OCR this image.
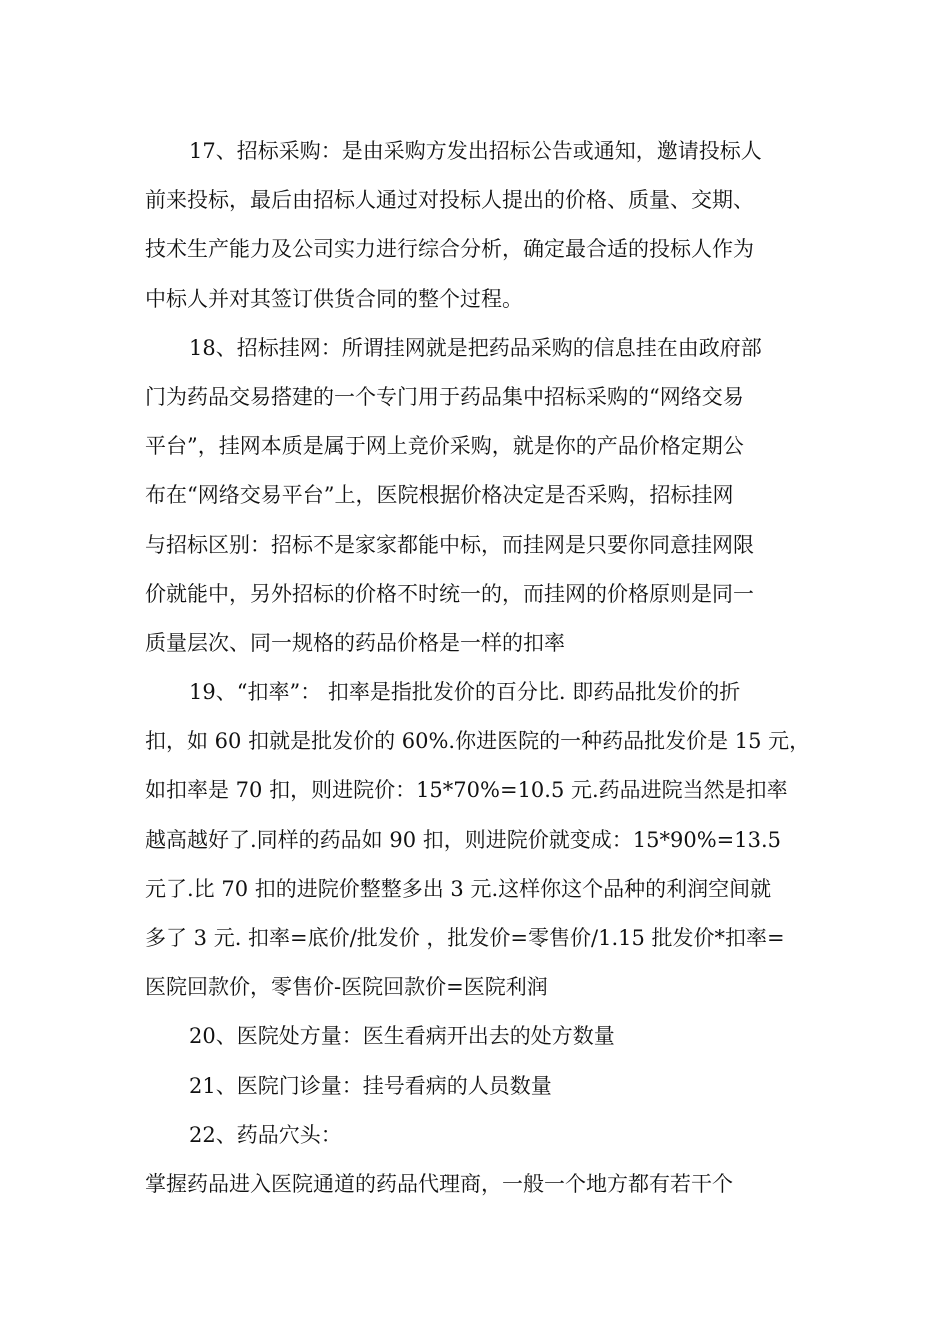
17、招标采购：是由采购方发出招标公告或通知，邀请投标人
前来投标，最后由招标人通过对投标人提出的价格、质量、交期、
技术生产能力及公司实力进行综合分析，确定最合适的投标人作为
中标人并对其签订供货合同的整个过程。
18、招标挂网：所谓挂网就是把药品采购的信息挂在由政府部
门为药品交易搭建的一个专门用于药品集中招标采购的“网络交易
平台”，挂网本质是属于网上竞价采购，就是你的产品价格定期公
布在“网络交易平台”上，医院根据价格决定是否采购，招标挂网
与招标区别：招标不是家家都能中标，而挂网是只要你同意挂网限
价就能中，另外招标的价格不时统一的，而挂网的价格原则是同一
质量层次、同一规格的药品价格是一样的扣率
19、“扣率”： 扣率是指批发价的百分比. 即药品批发价的折
扣，如 60 扣就是批发价的 60%.你进医院的一种药品批发价是 15 元，
如扣率是 70 扣，则进院价：15*70%=10.5 元.药品进院当然是扣率
越高越好了.同样的药品如 90 扣，则进院价就变成：15*90%=13.5
元了.比 70 扣的进院价整整多出 3 元.这样你这个品种的利润空间就
多了 3 元. 扣率=底价/批发价 ，批发价=零售价/1.15 批发价*扣率=
医院回款价，零售价-医院回款价=医院利润
20、医院处方量：医生看病开出去的处方数量
21、医院门诊量：挂号看病的人员数量
22、药品穴头：
掌握药品进入医院通道的药品代理商，一般一个地方都有若干个
